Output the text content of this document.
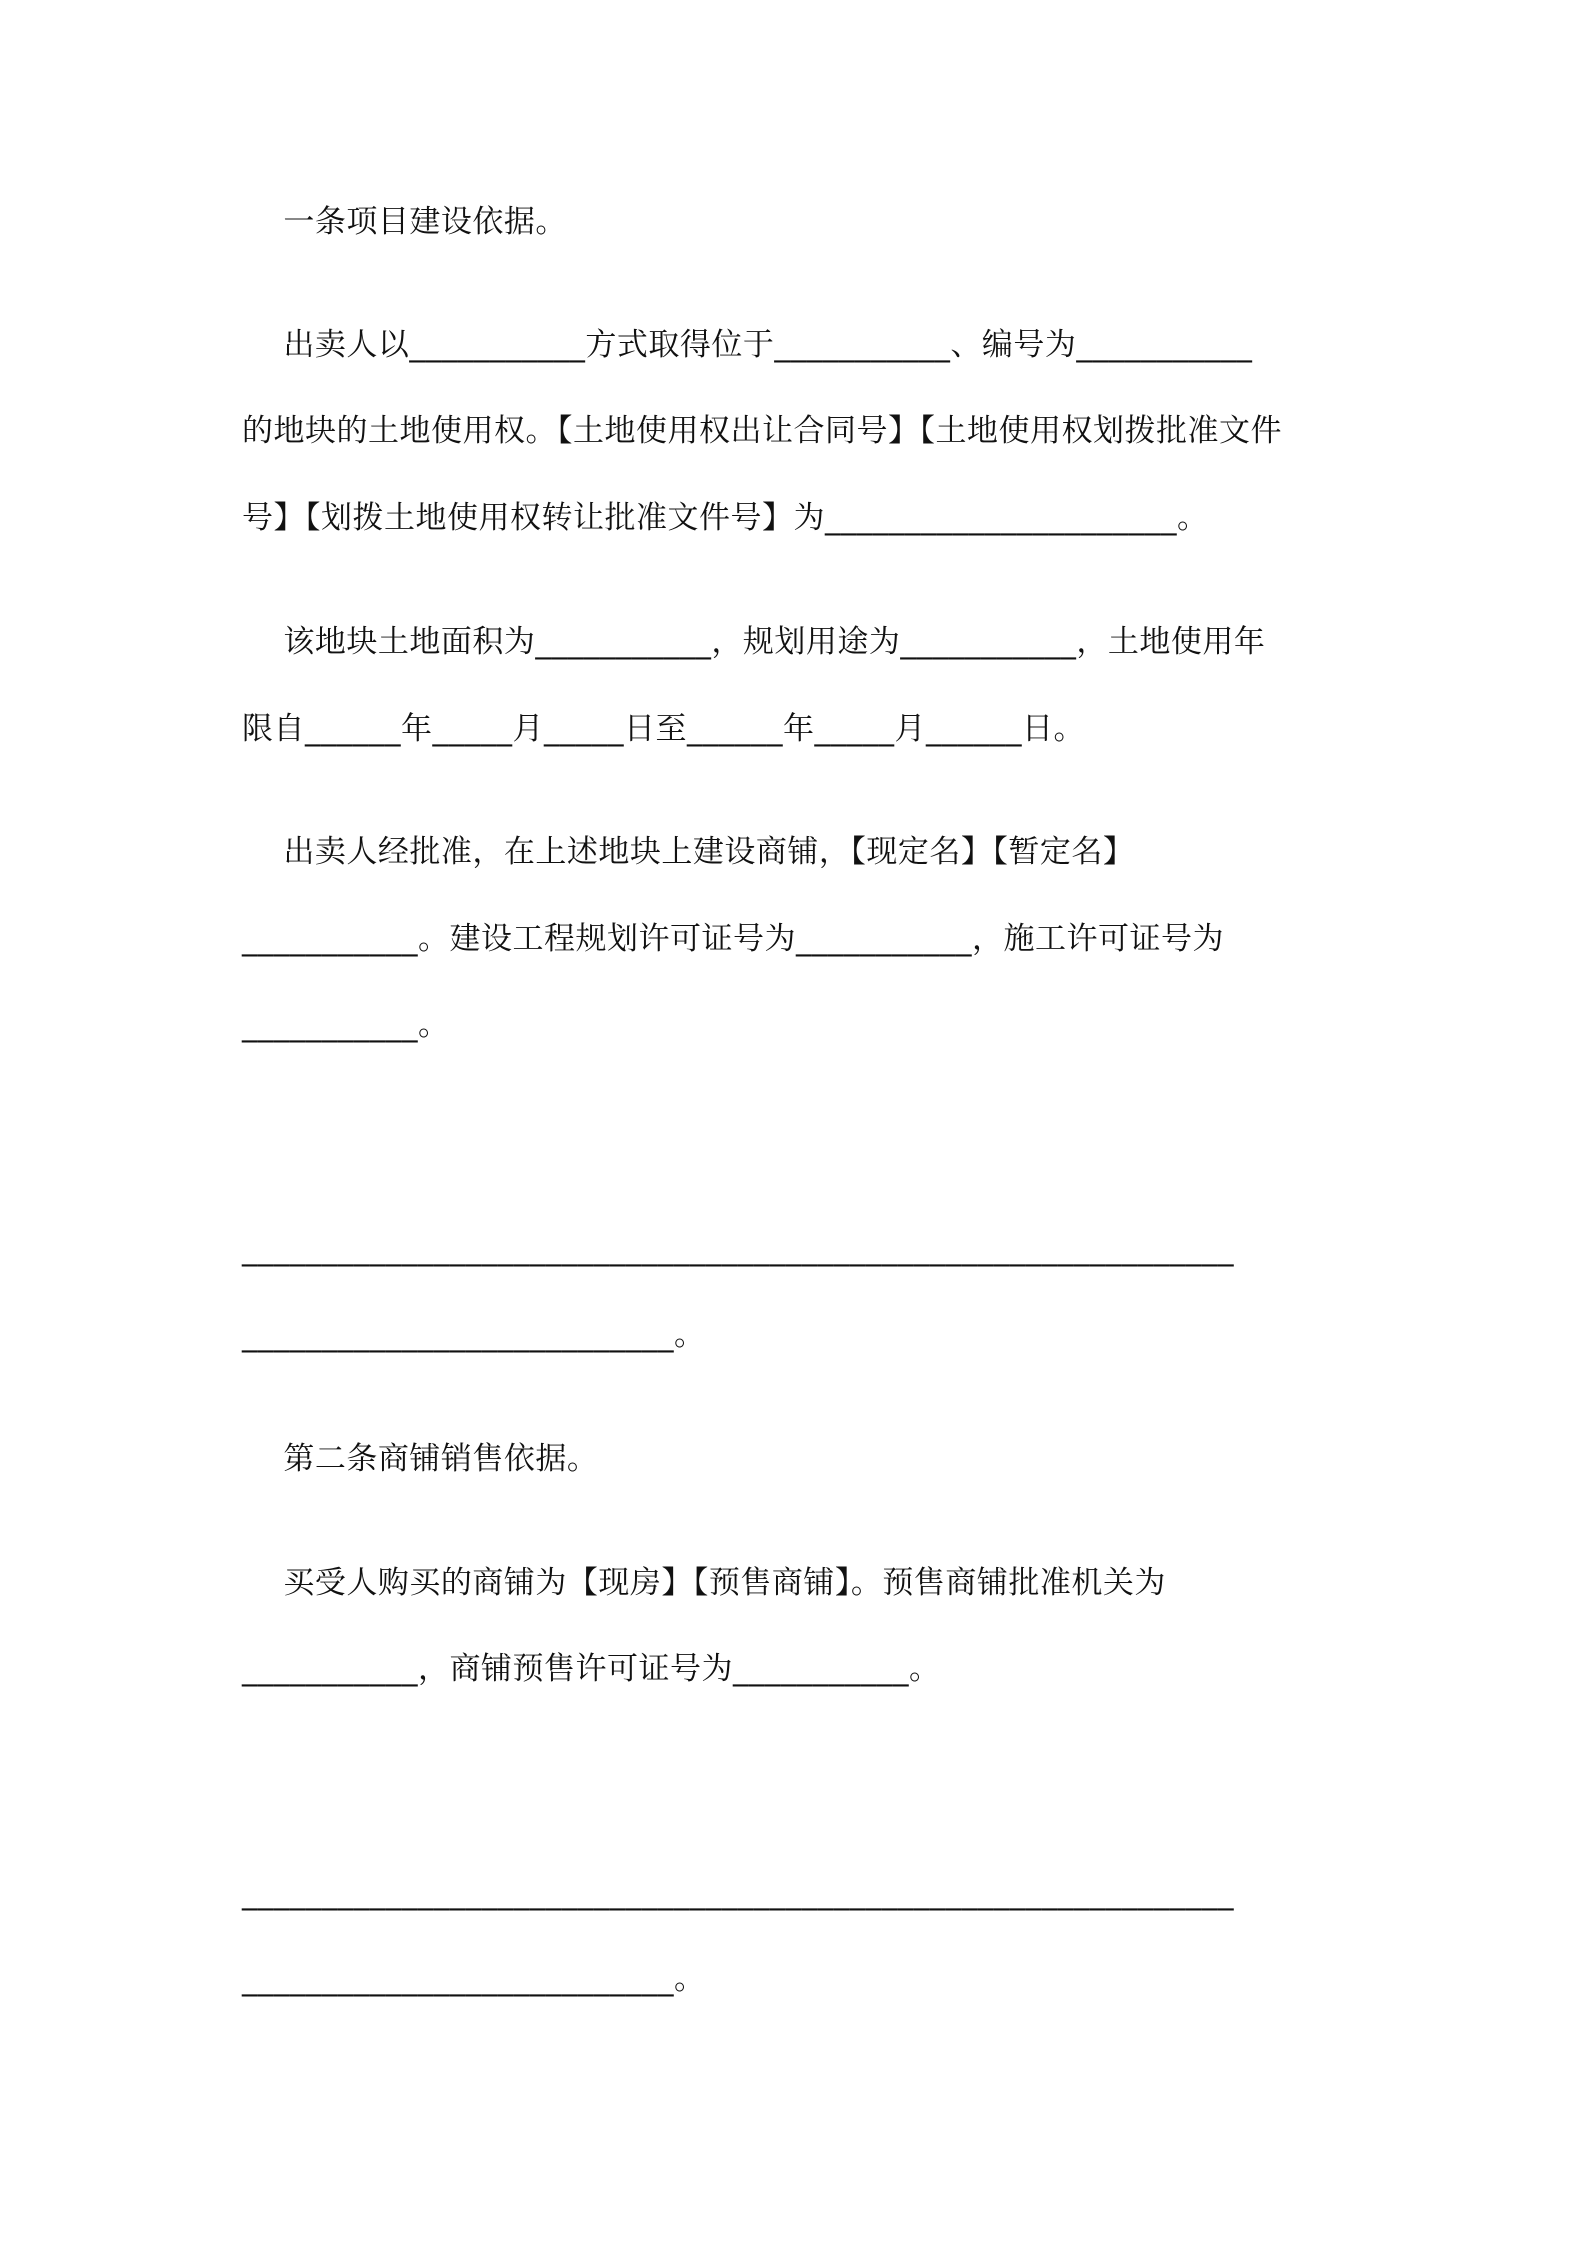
一条项目建设依据。
出卖人以___________方式取得位于___________、编号为___________
的地块的土地使用权。【土地使用权出让合同号】【土地使用权划拨批准文件
号】【划拨土地使用权转让批准文件号】为______________________。
该地块土地面积为___________，规划用途为___________，土地使用年
限自______年_____月_____日至______年_____月______日。
出卖人经批准，在上述地块上建设商铺，【现定名】【暂定名】
___________。建设工程规划许可证号为___________，施工许可证号为
___________。
______________________________________________________________
___________________________。
第二条商铺销售依据。
买受人购买的商铺为【现房】【预售商铺】。预售商铺批准机关为
___________，商铺预售许可证号为___________。
______________________________________________________________
___________________________。
